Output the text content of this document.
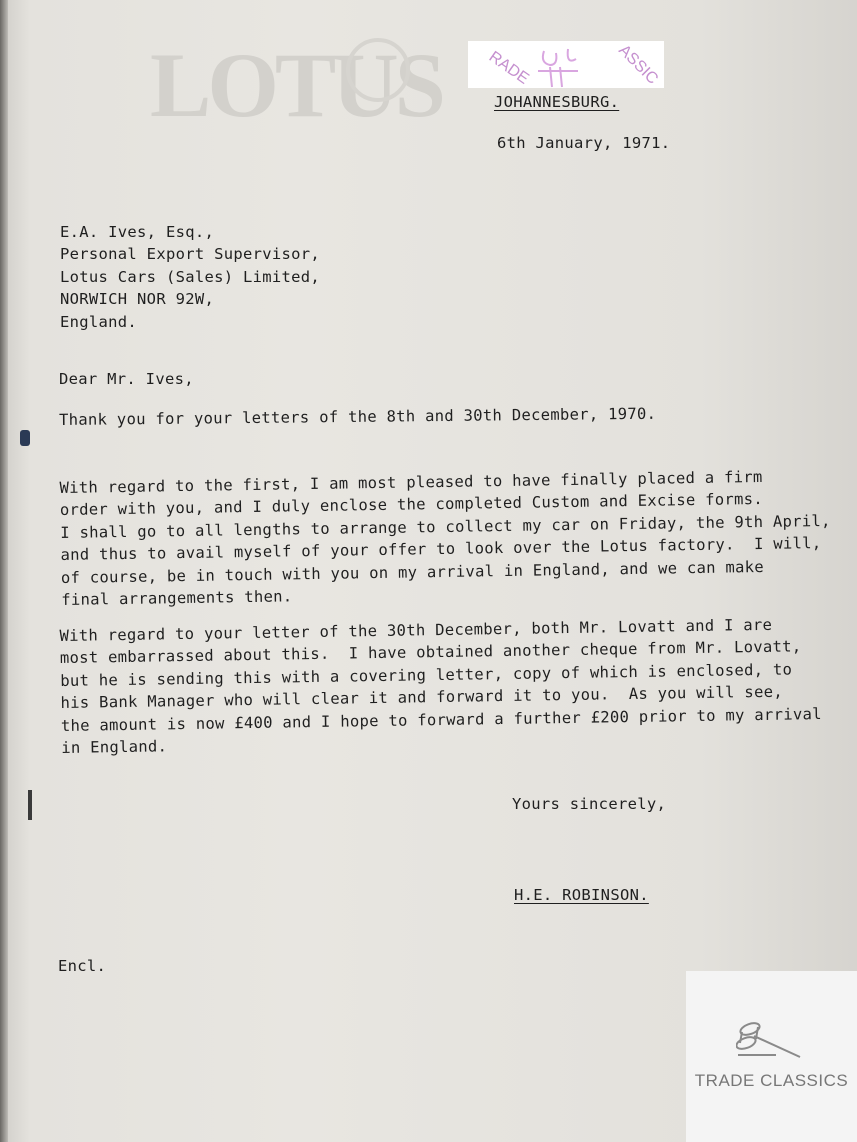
LOTUS	RADE	ASSIC
JOHANNESBURG.
6th January, 1971.

E.A. Ives, Esq.,
Personal Export Supervisor,
Lotus Cars (Sales) Limited,
NORWICH NOR 92W,
England.

Dear Mr. Ives,
Thank you for your letters of the 8th and 30th December, 1970.

With regard to the first, I am most pleased to have finally placed a firm
order with you, and I duly enclose the completed Custom and Excise forms.
I shall go to all lengths to arrange to collect my car on Friday, the 9th April,
and thus to avail myself of your offer to look over the Lotus factory.  I will,
of course, be in touch with you on my arrival in England, and we can make
final arrangements then.

With regard to your letter of the 30th December, both Mr. Lovatt and I are
most embarrassed about this.  I have obtained another cheque from Mr. Lovatt,
but he is sending this with a covering letter, copy of which is enclosed, to
his Bank Manager who will clear it and forward it to you.  As you will see,
the amount is now £400 and I hope to forward a further £200 prior to my arrival
in England.

Yours sincerely,
H.E. ROBINSON.
Encl.
TRADE CLASSICS
